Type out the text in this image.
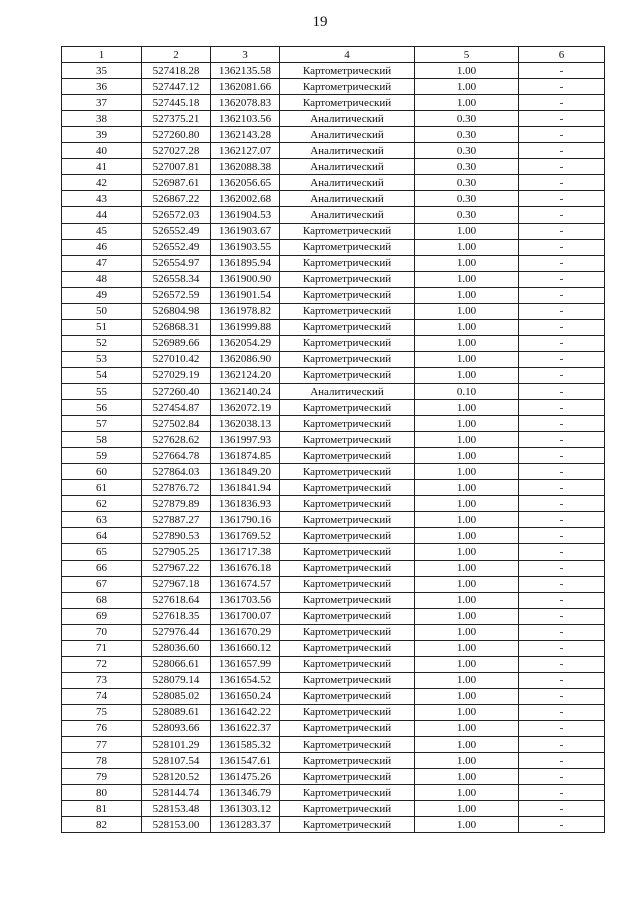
19
1	2	3	4	5	6
35	527418.28	1362135.58	Картометрический	1.00	-
36	527447.12	1362081.66	Картометрический	1.00	-
37	527445.18	1362078.83	Картометрический	1.00	-
38	527375.21	1362103.56	Аналитический	0.30	-
39	527260.80	1362143.28	Аналитический	0.30	-
40	527027.28	1362127.07	Аналитический	0.30	-
41	527007.81	1362088.38	Аналитический	0.30	-
42	526987.61	1362056.65	Аналитический	0.30	-
43	526867.22	1362002.68	Аналитический	0.30	-
44	526572.03	1361904.53	Аналитический	0.30	-
45	526552.49	1361903.67	Картометрический	1.00	-
46	526552.49	1361903.55	Картометрический	1.00	-
47	526554.97	1361895.94	Картометрический	1.00	-
48	526558.34	1361900.90	Картометрический	1.00	-
49	526572.59	1361901.54	Картометрический	1.00	-
50	526804.98	1361978.82	Картометрический	1.00	-
51	526868.31	1361999.88	Картометрический	1.00	-
52	526989.66	1362054.29	Картометрический	1.00	-
53	527010.42	1362086.90	Картометрический	1.00	-
54	527029.19	1362124.20	Картометрический	1.00	-
55	527260.40	1362140.24	Аналитический	0.10	-
56	527454.87	1362072.19	Картометрический	1.00	-
57	527502.84	1362038.13	Картометрический	1.00	-
58	527628.62	1361997.93	Картометрический	1.00	-
59	527664.78	1361874.85	Картометрический	1.00	-
60	527864.03	1361849.20	Картометрический	1.00	-
61	527876.72	1361841.94	Картометрический	1.00	-
62	527879.89	1361836.93	Картометрический	1.00	-
63	527887.27	1361790.16	Картометрический	1.00	-
64	527890.53	1361769.52	Картометрический	1.00	-
65	527905.25	1361717.38	Картометрический	1.00	-
66	527967.22	1361676.18	Картометрический	1.00	-
67	527967.18	1361674.57	Картометрический	1.00	-
68	527618.64	1361703.56	Картометрический	1.00	-
69	527618.35	1361700.07	Картометрический	1.00	-
70	527976.44	1361670.29	Картометрический	1.00	-
71	528036.60	1361660.12	Картометрический	1.00	-
72	528066.61	1361657.99	Картометрический	1.00	-
73	528079.14	1361654.52	Картометрический	1.00	-
74	528085.02	1361650.24	Картометрический	1.00	-
75	528089.61	1361642.22	Картометрический	1.00	-
76	528093.66	1361622.37	Картометрический	1.00	-
77	528101.29	1361585.32	Картометрический	1.00	-
78	528107.54	1361547.61	Картометрический	1.00	-
79	528120.52	1361475.26	Картометрический	1.00	-
80	528144.74	1361346.79	Картометрический	1.00	-
81	528153.48	1361303.12	Картометрический	1.00	-
82	528153.00	1361283.37	Картометрический	1.00	-
